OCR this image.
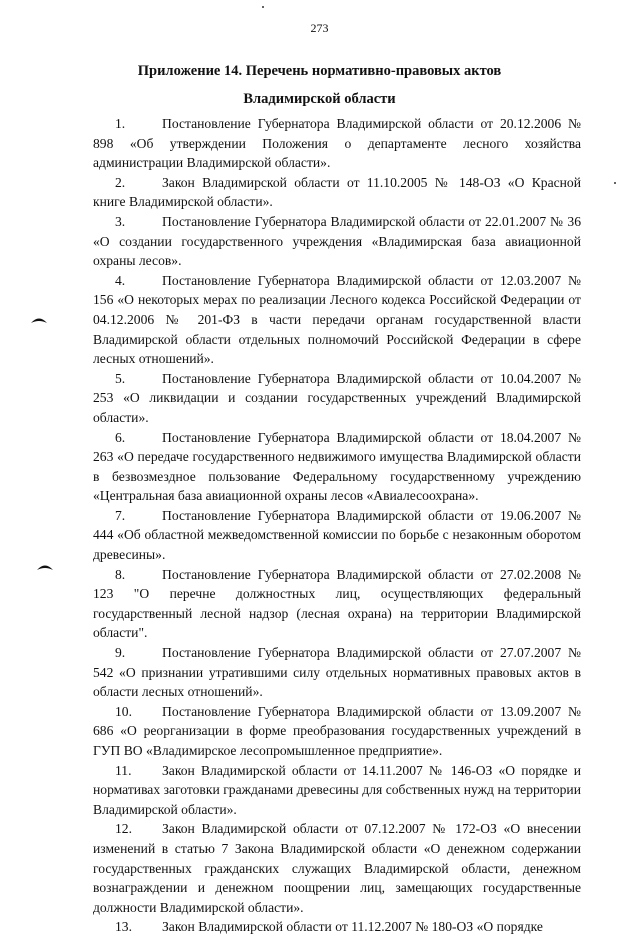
273
Приложение 14. Перечень нормативно-правовых актов
Владимирской области

1.	Постановление Губернатора Владимирской области от 20.12.2006 № 898 «Об утверждении Положения о департаменте лесного хозяйства администрации Владимирской области».

2.	Закон Владимирской области от 11.10.2005 № 148-ОЗ «О Красной книге Владимирской области».

3.	Постановление Губернатора Владимирской области от 22.01.2007 № 36 «О создании государственного учреждения «Владимирская база авиационной охраны лесов».

4.	Постановление Губернатора Владимирской области от 12.03.2007 № 156 «О некоторых мерах по реализации Лесного кодекса Российской Федерации от 04.12.2006 № 201-ФЗ в части передачи органам государственной власти Владимирской области отдельных полномочий Российской Федерации в сфере лесных отношений».

5.	Постановление Губернатора Владимирской области от 10.04.2007 № 253 «О ликвидации и создании государственных учреждений Владимирской области».

6.	Постановление Губернатора Владимирской области от 18.04.2007 № 263 «О передаче государственного недвижимого имущества Владимирской области в безвозмездное пользование Федеральному государственному учреждению «Центральная база авиационной охраны лесов «Авиалесоохрана».

7.	Постановление Губернатора Владимирской области от 19.06.2007 № 444 «Об областной межведомственной комиссии по борьбе с незаконным оборотом древесины».

8.	Постановление Губернатора Владимирской области от 27.02.2008 № 123 "О перечне должностных лиц, осуществляющих федеральный государственный лесной надзор (лесная охрана) на территории Владимирской области".

9.	Постановление Губернатора Владимирской области от 27.07.2007 № 542 «О признании утратившими силу отдельных нормативных правовых актов в области лесных отношений».

10. Постановление Губернатора Владимирской области от 13.09.2007 № 686 «О реорганизации в форме преобразования государственных учреждений в ГУП ВО «Владимирское лесопромышленное предприятие».

11. Закон Владимирской области от 14.11.2007 № 146-ОЗ «О порядке и нормативах заготовки гражданами древесины для собственных нужд на территории Владимирской области».

12. Закон Владимирской области от 07.12.2007 № 172-ОЗ «О внесении изменений в статью 7 Закона Владимирской области «О денежном содержании государственных гражданских служащих Владимирской области, денежном вознаграждении и денежном поощрении лиц, замещающих государственные должности Владимирской области».

13. Закон Владимирской области от 11.12.2007 № 180-ОЗ «О порядке
